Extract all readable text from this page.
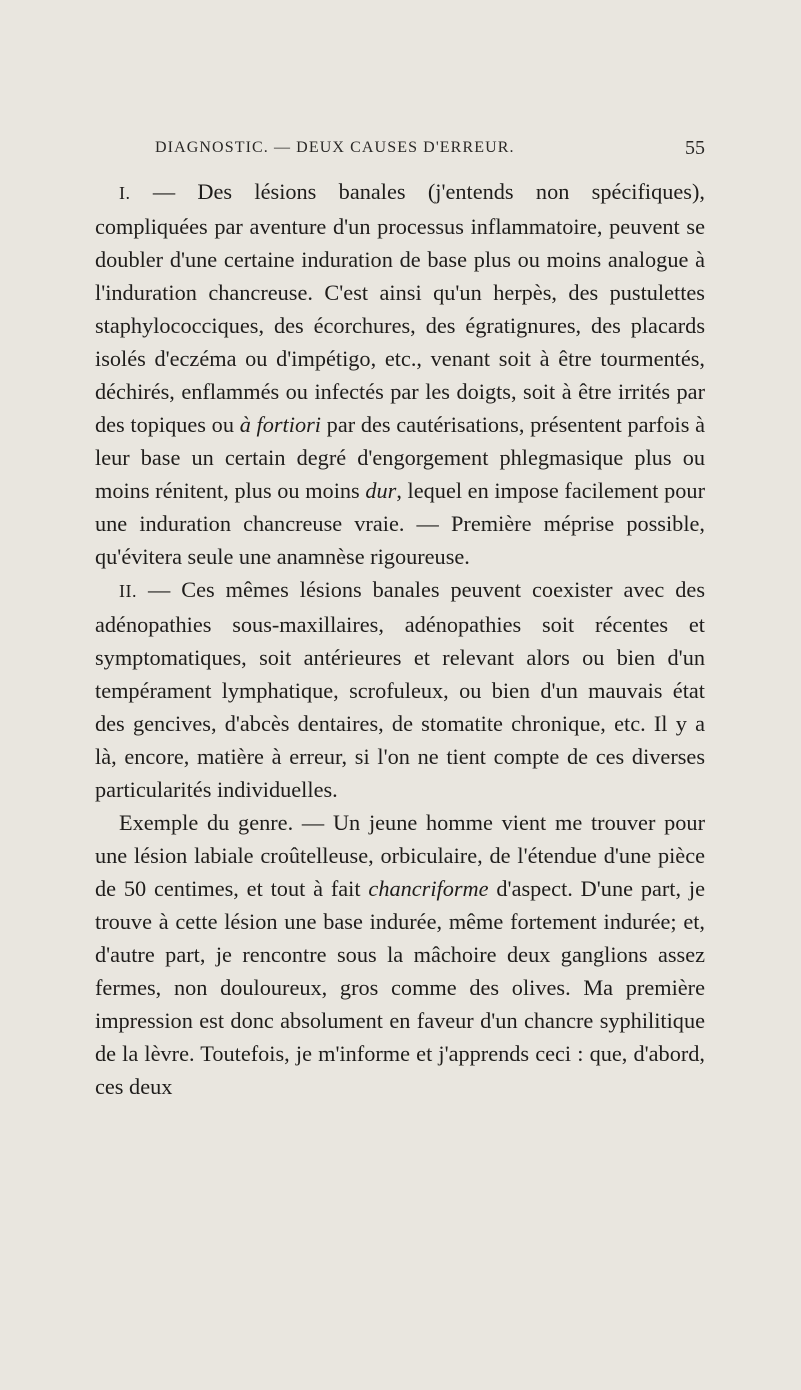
DIAGNOSTIC. — DEUX CAUSES D'ERREUR.	55

I. — Des lésions banales (j'entends non spécifiques), compliquées par aventure d'un processus inflammatoire, peuvent se doubler d'une certaine induration de base plus ou moins analogue à l'induration chancreuse. C'est ainsi qu'un herpès, des pustulettes staphylococciques, des écorchures, des égratignures, des placards isolés d'eczéma ou d'impétigo, etc., venant soit à être tourmentés, déchirés, enflammés ou infectés par les doigts, soit à être irrités par des topiques ou à fortiori par des cautérisations, présentent parfois à leur base un certain degré d'engorgement phlegmasique plus ou moins rénitent, plus ou moins dur, lequel en impose facilement pour une induration chancreuse vraie. — Première méprise possible, qu'évitera seule une anamnèse rigoureuse.

II. — Ces mêmes lésions banales peuvent coexister avec des adénopathies sous-maxillaires, adénopathies soit récentes et symptomatiques, soit antérieures et relevant alors ou bien d'un tempérament lymphatique, scrofuleux, ou bien d'un mauvais état des gencives, d'abcès dentaires, de stomatite chronique, etc. Il y a là, encore, matière à erreur, si l'on ne tient compte de ces diverses particularités individuelles.

Exemple du genre. — Un jeune homme vient me trouver pour une lésion labiale croûtelleuse, orbiculaire, de l'étendue d'une pièce de 50 centimes, et tout à fait chancriforme d'aspect. D'une part, je trouve à cette lésion une base indurée, même fortement indurée; et, d'autre part, je rencontre sous la mâchoire deux ganglions assez fermes, non douloureux, gros comme des olives. Ma première impression est donc absolument en faveur d'un chancre syphilitique de la lèvre. Toutefois, je m'informe et j'apprends ceci : que, d'abord, ces deux
